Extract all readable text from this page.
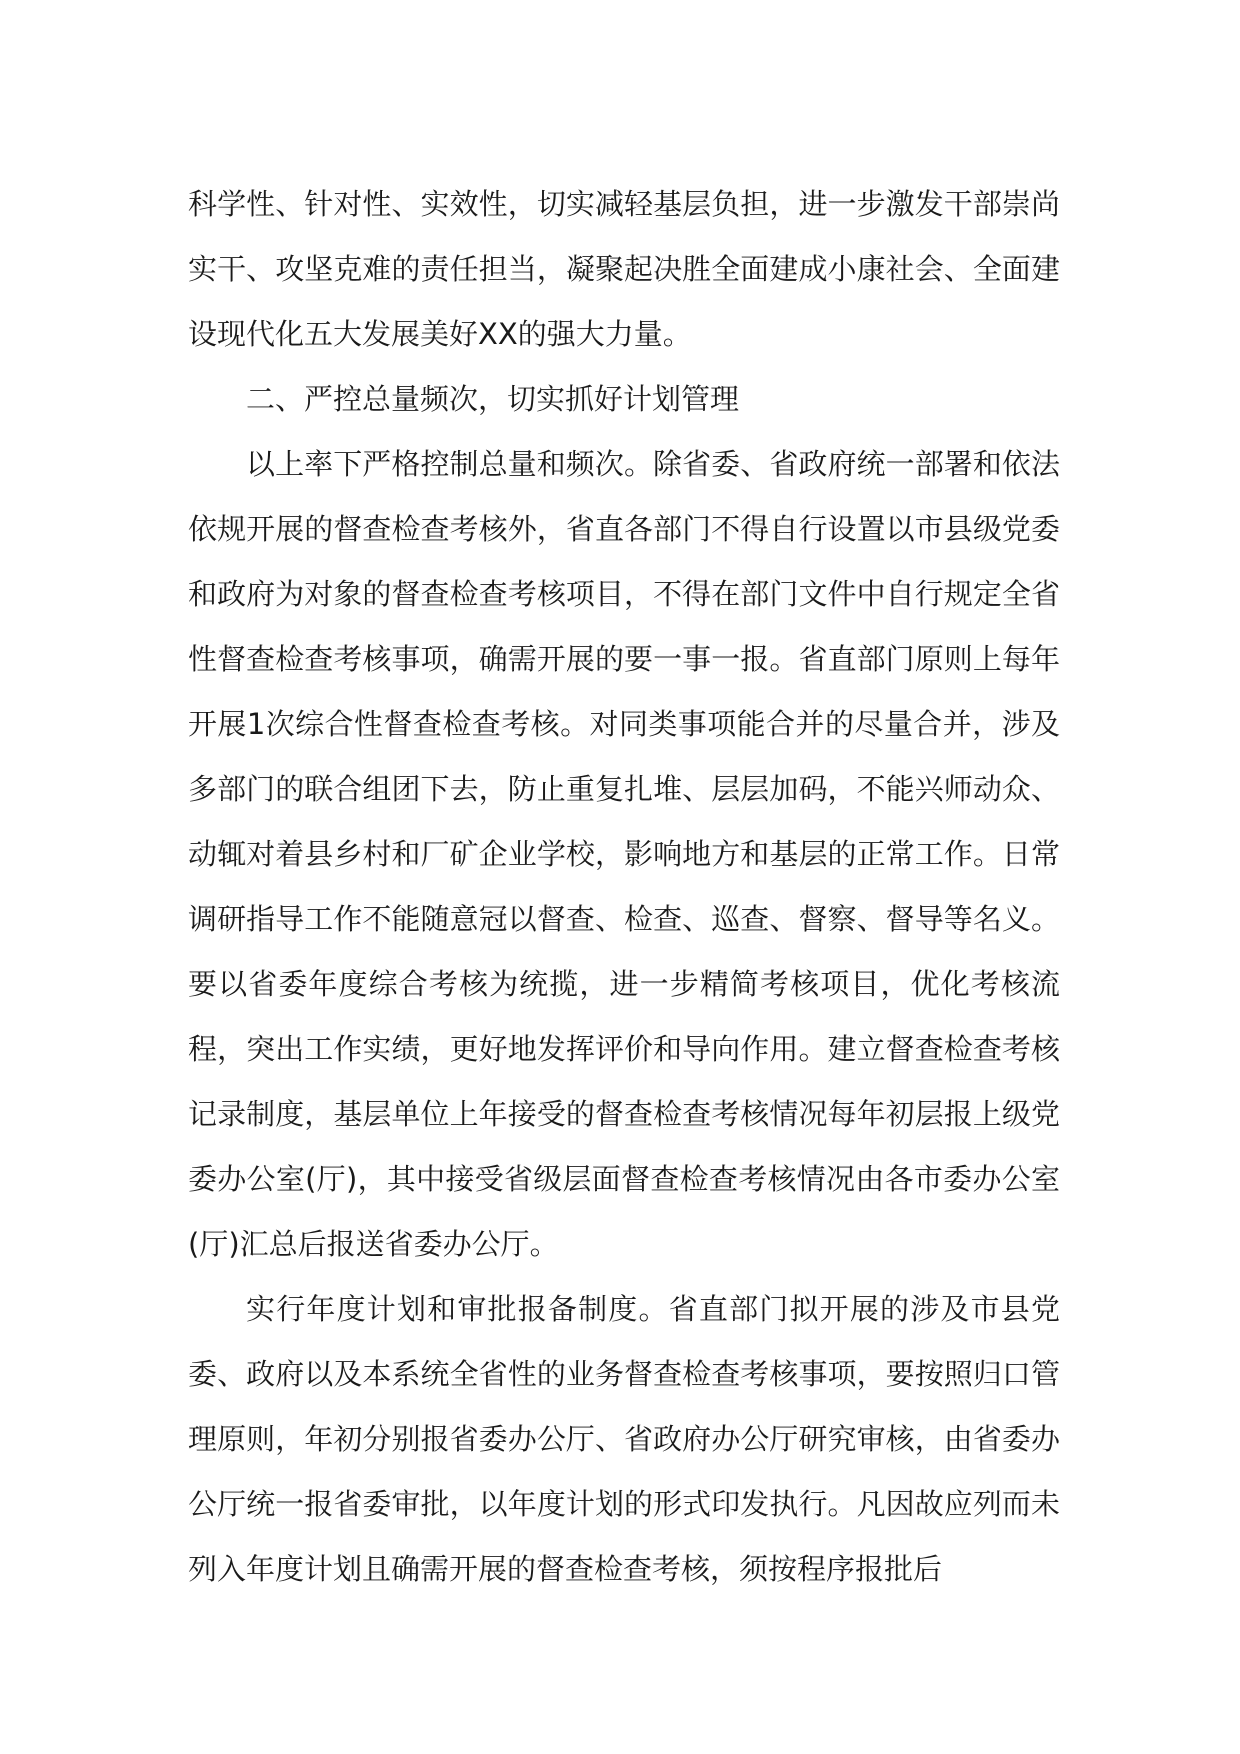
科学性、针对性、实效性，切实减轻基层负担，进一步激发干部崇尚实干、攻坚克难的责任担当，凝聚起决胜全面建成小康社会、全面建设现代化五大发展美好XX的强大力量。

二、严控总量频次，切实抓好计划管理

以上率下严格控制总量和频次。除省委、省政府统一部署和依法依规开展的督查检查考核外，省直各部门不得自行设置以市县级党委和政府为对象的督查检查考核项目，不得在部门文件中自行规定全省性督查检查考核事项，确需开展的要一事一报。省直部门原则上每年开展1次综合性督查检查考核。对同类事项能合并的尽量合并，涉及多部门的联合组团下去，防止重复扎堆、层层加码，不能兴师动众、动辄对着县乡村和厂矿企业学校，影响地方和基层的正常工作。日常调研指导工作不能随意冠以督查、检查、巡查、督察、督导等名义。要以省委年度综合考核为统揽，进一步精简考核项目，优化考核流程，突出工作实绩，更好地发挥评价和导向作用。建立督查检查考核记录制度，基层单位上年接受的督查检查考核情况每年初层报上级党委办公室(厅)，其中接受省级层面督查检查考核情况由各市委办公室(厅)汇总后报送省委办公厅。

实行年度计划和审批报备制度。省直部门拟开展的涉及市县党委、政府以及本系统全省性的业务督查检查考核事项，要按照归口管理原则，年初分别报省委办公厅、省政府办公厅研究审核，由省委办公厅统一报省委审批，以年度计划的形式印发执行。凡因故应列而未列入年度计划且确需开展的督查检查考核，须按程序报批后
